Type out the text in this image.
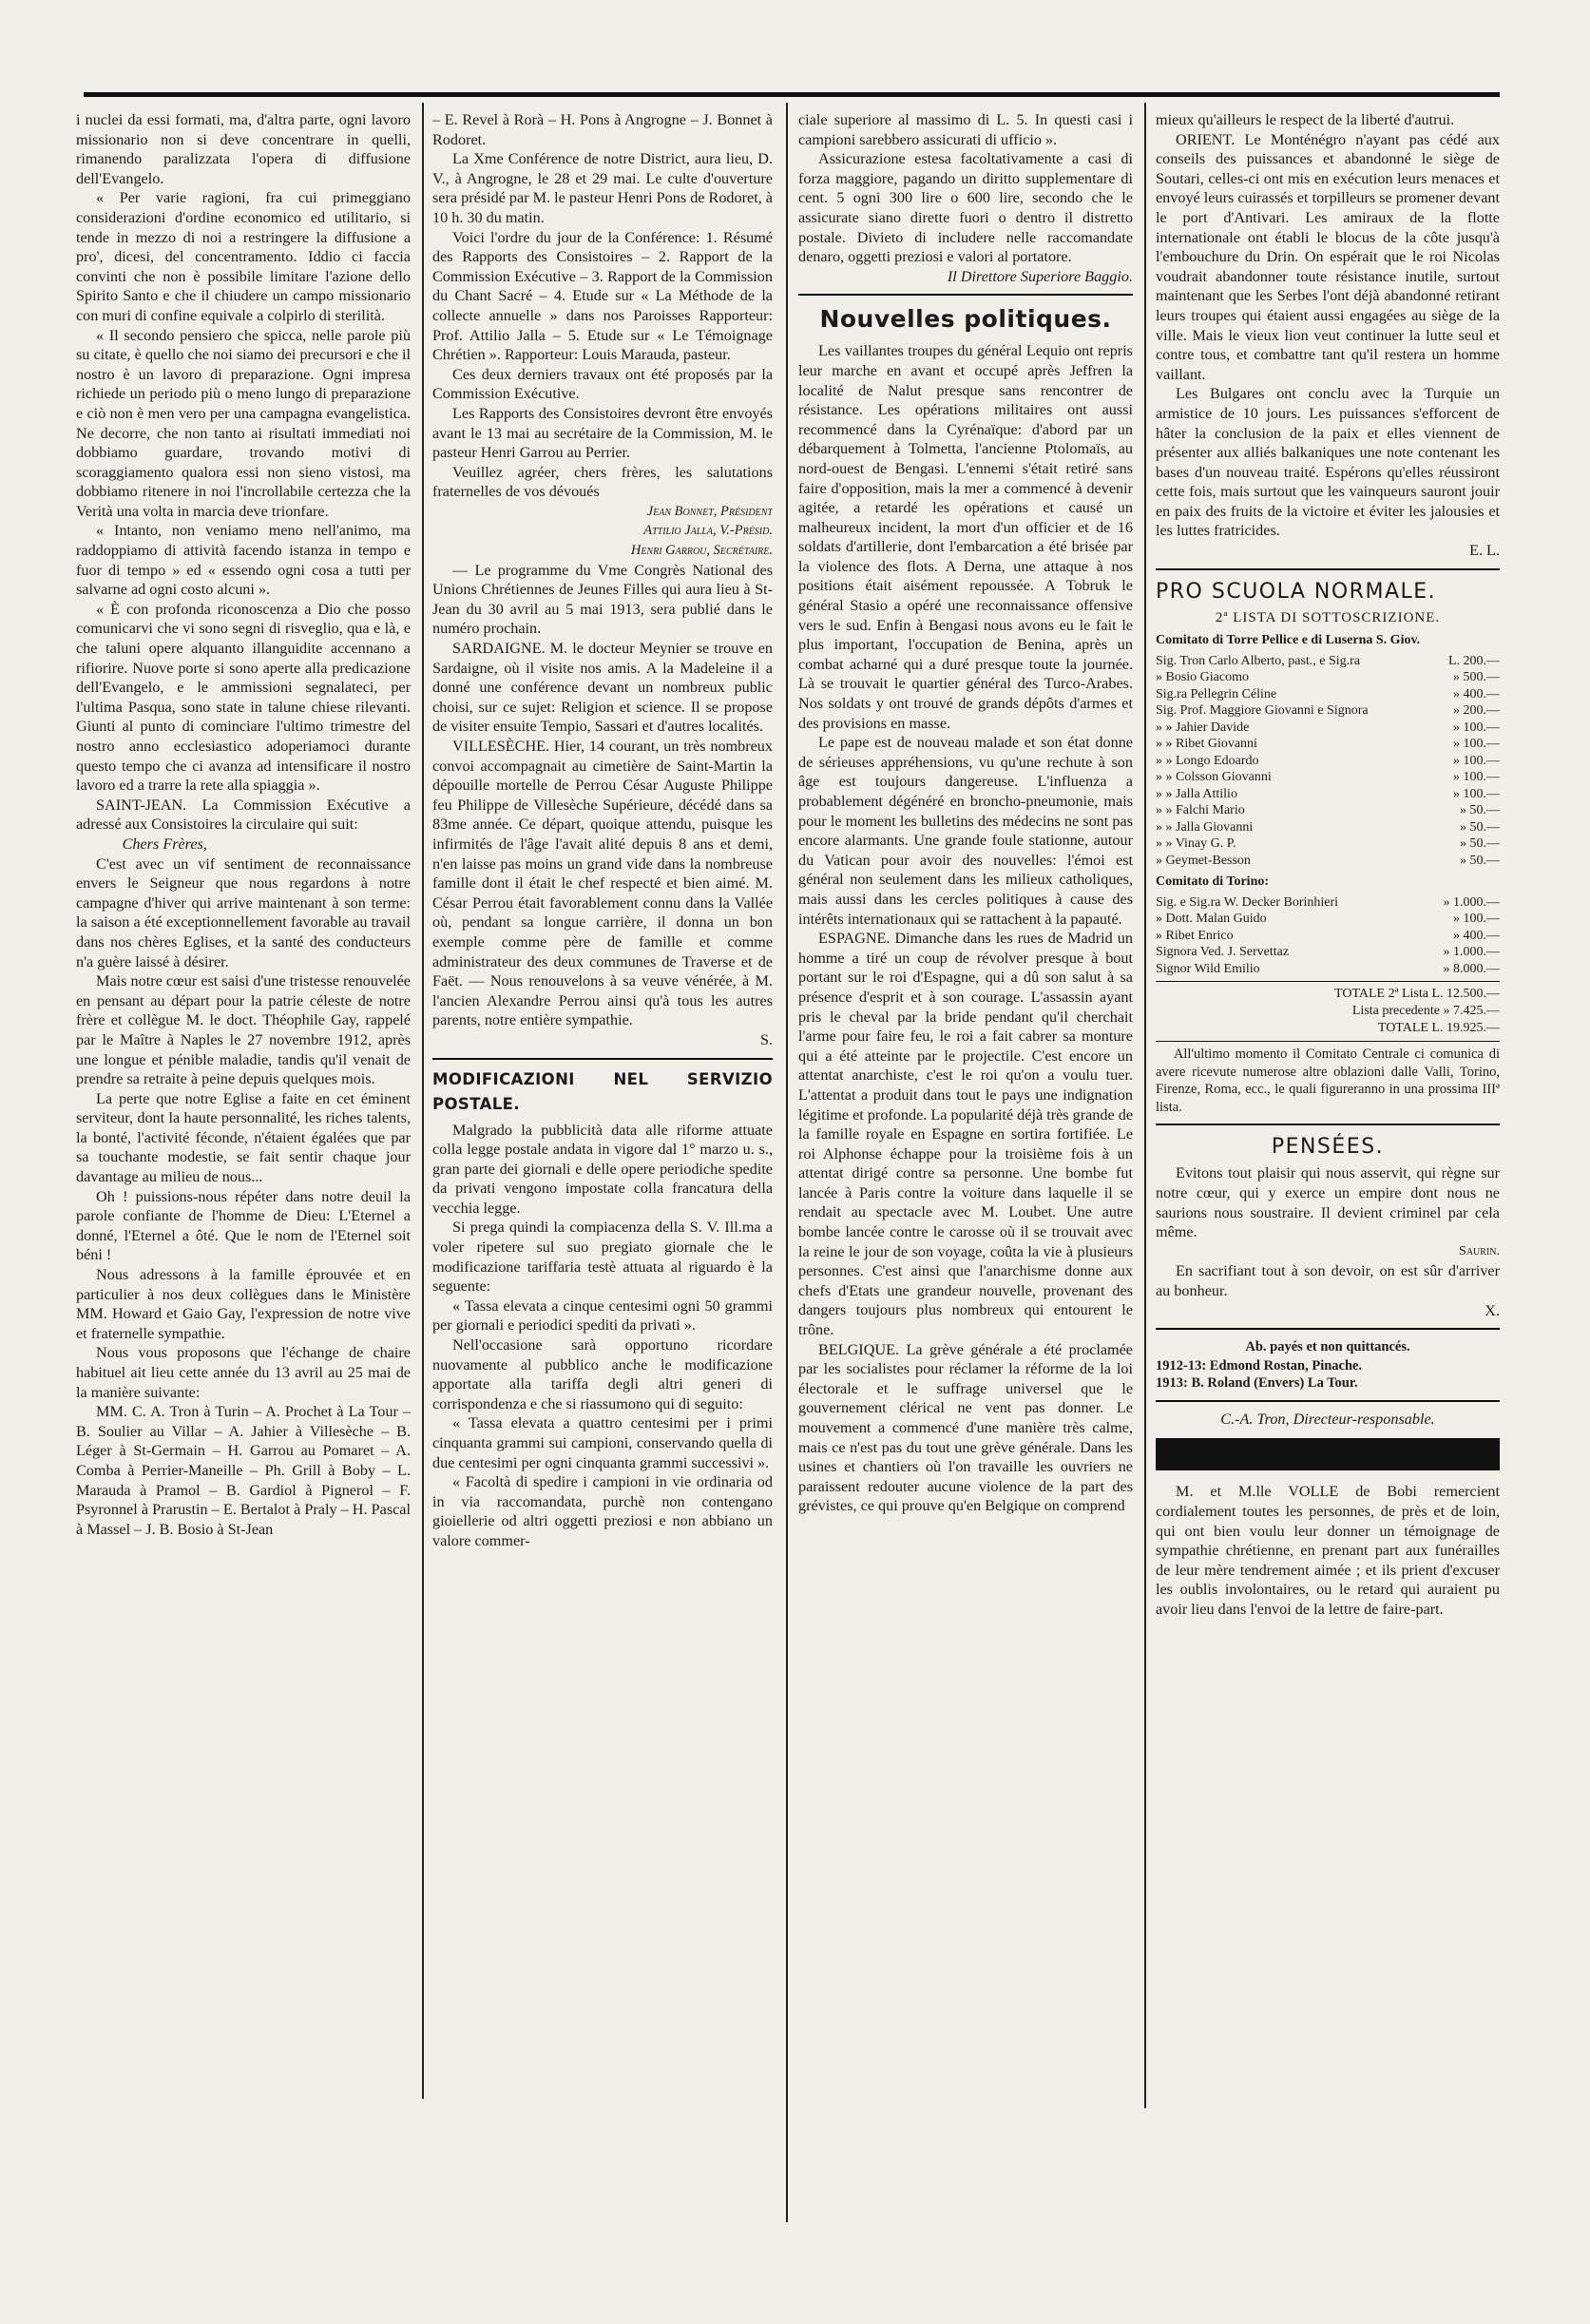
i nuclei da essi formati, ma, d'altra parte, ogni lavoro missionario non si deve concentrare in quelli, rimanendo paralizzata l'opera di diffusione dell'Evangelo.

« Per varie ragioni, fra cui primeggiano considerazioni d'ordine economico ed utilitario, si tende in mezzo di noi a restringere la diffusione a pro', dicesi, del concentramento. Iddio ci faccia convinti che non è possibile limitare l'azione dello Spirito Santo e che il chiudere un campo missionario con muri di confine equivale a colpirlo di sterilità.

« Il secondo pensiero che spicca, nelle parole più su citate, è quello che noi siamo dei precursori e che il nostro è un lavoro di preparazione. Ogni impresa richiede un periodo più o meno lungo di preparazione e ciò non è men vero per una campagna evangelistica. Ne decorre, che non tanto ai risultati immediati noi dobbiamo guardare, trovando motivi di scoraggiamento qualora essi non sieno vistosi, ma dobbiamo ritenere in noi l'incrollabile certezza che la Verità una volta in marcia deve trionfare.

« Intanto, non veniamo meno nell'animo, ma raddoppiamo di attività facendo istanza in tempo e fuor di tempo » ed « essendo ogni cosa a tutti per salvarne ad ogni costo alcuni ».

« È con profonda riconoscenza a Dio che posso comunicarvi che vi sono segni di risveglio, qua e là, e che taluni opere alquanto illanguidite accennano a rifiorire. Nuove porte si sono aperte alla predicazione dell'Evangelo, e le ammissioni segnalateci, per l'ultima Pasqua, sono state in talune chiese rilevanti. Giunti al punto di cominciare l'ultimo trimestre del nostro anno ecclesiastico adoperiamoci durante questo tempo che ci avanza ad intensificare il nostro lavoro ed a trarre la rete alla spiaggia ».

SAINT-JEAN. La Commission Exécutive a adressé aux Consistoires la circulaire qui suit:

Chers Frères,

C'est avec un vif sentiment de reconnaissance envers le Seigneur que nous regardons à notre campagne d'hiver qui arrive maintenant à son terme: la saison a été exceptionnellement favorable au travail dans nos chères Eglises, et la santé des conducteurs n'a guère laissé à désirer.

Mais notre cœur est saisi d'une tristesse renouvelée en pensant au départ pour la patrie céleste de notre frère et collègue M. le doct. Théophile Gay, rappelé par le Maître à Naples le 27 novembre 1912, après une longue et pénible maladie, tandis qu'il venait de prendre sa retraite à peine depuis quelques mois.

La perte que notre Eglise a faite en cet éminent serviteur, dont la haute personnalité, les riches talents, la bonté, l'activité féconde, n'étaient égalées que par sa touchante modestie, se fait sentir chaque jour davantage au milieu de nous...

Oh ! puissions-nous répéter dans notre deuil la parole confiante de l'homme de Dieu: L'Eternel a donné, l'Eternel a ôté. Que le nom de l'Eternel soit béni !

Nous adressons à la famille éprouvée et en particulier à nos deux collègues dans le Ministère MM. Howard et Gaio Gay, l'expression de notre vive et fraternelle sympathie.

Nous vous proposons que l'échange de chaire habituel ait lieu cette année du 13 avril au 25 mai de la manière suivante:

MM. C. A. Tron à Turin – A. Prochet à La Tour – B. Soulier au Villar – A. Jahier à Villesèche – B. Léger à St-Germain – H. Garrou au Pomaret – A. Comba à Perrier-Maneille – Ph. Grill à Boby – L. Marauda à Pramol – B. Gardiol à Pignerol – F. Psyronnel à Prarustin – E. Bertalot à Praly – H. Pascal à Massel – J. B. Bosio à St-Jean

– E. Revel à Rorà – H. Pons à Angrogne – J. Bonnet à Rodoret.

La Xme Conférence de notre District, aura lieu, D. V., à Angrogne, le 28 et 29 mai. Le culte d'ouverture sera présidé par M. le pasteur Henri Pons de Rodoret, à 10 h. 30 du matin.

Voici l'ordre du jour de la Conférence: 1. Résumé des Rapports des Consistoires – 2. Rapport de la Commission Exécutive – 3. Rapport de la Commission du Chant Sacré – 4. Etude sur « La Méthode de la collecte annuelle » dans nos Paroisses Rapporteur: Prof. Attilio Jalla – 5. Etude sur « Le Témoignage Chrétien ». Rapporteur: Louis Marauda, pasteur.

Ces deux derniers travaux ont été proposés par la Commission Exécutive.

Les Rapports des Consistoires devront être envoyés avant le 13 mai au secrétaire de la Commission, M. le pasteur Henri Garrou au Perrier.

Veuillez agréer, chers frères, les salutations fraternelles de vos dévoués

Jean Bonnet, Président

Attilio Jalla, V.-Présid.

Henri Garrou, Secrétaire.

— Le programme du Vme Congrès National des Unions Chrétiennes de Jeunes Filles qui aura lieu à St-Jean du 30 avril au 5 mai 1913, sera publié dans le numéro prochain.

SARDAIGNE. M. le docteur Meynier se trouve en Sardaigne, où il visite nos amis. A la Madeleine il a donné une conférence devant un nombreux public choisi, sur ce sujet: Religion et science. Il se propose de visiter ensuite Tempio, Sassari et d'autres localités.

VILLESÈCHE. Hier, 14 courant, un très nombreux convoi accompagnait au cimetière de Saint-Martin la dépouille mortelle de Perrou César Auguste Philippe feu Philippe de Villesèche Supérieure, décédé dans sa 83me année. Ce départ, quoique attendu, puisque les infirmités de l'âge l'avait alité depuis 8 ans et demi, n'en laisse pas moins un grand vide dans la nombreuse famille dont il était le chef respecté et bien aimé. M. César Perrou était favorablement connu dans la Vallée où, pendant sa longue carrière, il donna un bon exemple comme père de famille et comme administrateur des deux communes de Traverse et de Faët. — Nous renouvelons à sa veuve vénérée, à M. l'ancien Alexandre Perrou ainsi qu'à tous les autres parents, notre entière sympathie.

S.

MODIFICAZIONI NEL SERVIZIO POSTALE.

Malgrado la pubblicità data alle riforme attuate colla legge postale andata in vigore dal 1° marzo u. s., gran parte dei giornali e delle opere periodiche spedite da privati vengono impostate colla francatura della vecchia legge.

Si prega quindi la compiacenza della S. V. Ill.ma a voler ripetere sul suo pregiato giornale che le modificazione tariffaria testè attuata al riguardo è la seguente:

« Tassa elevata a cinque centesimi ogni 50 grammi per giornali e periodici spediti da privati ».

Nell'occasione sarà opportuno ricordare nuovamente al pubblico anche le modificazione apportate alla tariffa degli altri generi di corrispondenza e che si riassumono qui di seguito:

« Tassa elevata a quattro centesimi per i primi cinquanta grammi sui campioni, conservando quella di due centesimi per ogni cinquanta grammi successivi ».

« Facoltà di spedire i campioni in vie ordinaria od in via raccomandata, purchè non contengano gioiellerie od altri oggetti preziosi e non abbiano un valore commer-

ciale superiore al massimo di L. 5. In questi casi i campioni sarebbero assicurati di ufficio ».

Assicurazione estesa facoltativamente a casi di forza maggiore, pagando un diritto supplementare di cent. 5 ogni 300 lire o 600 lire, secondo che le assicurate siano dirette fuori o dentro il distretto postale. Divieto di includere nelle raccomandate denaro, oggetti preziosi e valori al portatore.

Il Direttore Superiore Baggio.

Nouvelles politiques.

Les vaillantes troupes du général Lequio ont repris leur marche en avant et occupé après Jeffren la localité de Nalut presque sans rencontrer de résistance. Les opérations militaires ont aussi recommencé dans la Cyrénaïque: d'abord par un débarquement à Tolmetta, l'ancienne Ptolomaïs, au nord-ouest de Bengasi. L'ennemi s'était retiré sans faire d'opposition, mais la mer a commencé à devenir agitée, a retardé les opérations et causé un malheureux incident, la mort d'un officier et de 16 soldats d'artillerie, dont l'embarcation a été brisée par la violence des flots. A Derna, une attaque à nos positions était aisément repoussée. A Tobruk le général Stasio a opéré une reconnaissance offensive vers le sud. Enfin à Bengasi nous avons eu le fait le plus important, l'occupation de Benina, après un combat acharné qui a duré presque toute la journée. Là se trouvait le quartier général des Turco-Arabes. Nos soldats y ont trouvé de grands dépôts d'armes et des provisions en masse.

Le pape est de nouveau malade et son état donne de sérieuses appréhensions, vu qu'une rechute à son âge est toujours dangereuse. L'influenza a probablement dégénéré en broncho-pneumonie, mais pour le moment les bulletins des médecins ne sont pas encore alarmants. Une grande foule stationne, autour du Vatican pour avoir des nouvelles: l'émoi est général non seulement dans les milieux catholiques, mais aussi dans les cercles politiques à cause des intérêts internationaux qui se rattachent à la papauté.

ESPAGNE. Dimanche dans les rues de Madrid un homme a tiré un coup de révolver presque à bout portant sur le roi d'Espagne, qui a dû son salut à sa présence d'esprit et à son courage. L'assassin ayant pris le cheval par la bride pendant qu'il cherchait l'arme pour faire feu, le roi a fait cabrer sa monture qui a été atteinte par le projectile. C'est encore un attentat anarchiste, c'est le roi qu'on a voulu tuer. L'attentat a produit dans tout le pays une indignation légitime et profonde. La popularité déjà très grande de la famille royale en Espagne en sortira fortifiée. Le roi Alphonse échappe pour la troisième fois à un attentat dirigé contre sa personne. Une bombe fut lancée à Paris contre la voiture dans laquelle il se rendait au spectacle avec M. Loubet. Une autre bombe lancée contre le carosse où il se trouvait avec la reine le jour de son voyage, coûta la vie à plusieurs personnes. C'est ainsi que l'anarchisme donne aux chefs d'Etats une grandeur nouvelle, provenant des dangers toujours plus nombreux qui entourent le trône.

BELGIQUE. La grève générale a été proclamée par les socialistes pour réclamer la réforme de la loi électorale et le suffrage universel que le gouvernement clérical ne vent pas donner. Le mouvement a commencé d'une manière très calme, mais ce n'est pas du tout une grève générale. Dans les usines et chantiers où l'on travaille les ouvriers ne paraissent redouter aucune violence de la part des grévistes, ce qui prouve qu'en Belgique on comprend

mieux qu'ailleurs le respect de la liberté d'autrui.

ORIENT. Le Monténégro n'ayant pas cédé aux conseils des puissances et abandonné le siège de Soutari, celles-ci ont mis en exécution leurs menaces et envoyé leurs cuirassés et torpilleurs se promener devant le port d'Antivari. Les amiraux de la flotte internationale ont établi le blocus de la côte jusqu'à l'embouchure du Drin. On espérait que le roi Nicolas voudrait abandonner toute résistance inutile, surtout maintenant que les Serbes l'ont déjà abandonné retirant leurs troupes qui étaient aussi engagées au siège de la ville. Mais le vieux lion veut continuer la lutte seul et contre tous, et combattre tant qu'il restera un homme vaillant.

Les Bulgares ont conclu avec la Turquie un armistice de 10 jours. Les puissances s'efforcent de hâter la conclusion de la paix et elles viennent de présenter aux alliés balkaniques une note contenant les bases d'un nouveau traité. Espérons qu'elles réussiront cette fois, mais surtout que les vainqueurs sauront jouir en paix des fruits de la victoire et éviter les jalousies et les luttes fratricides.

E. L.

PRO SCUOLA NORMALE.
2ª LISTA DI SOTTOSCRIZIONE.
Comitato di Torre Pellice e di Luserna S. Giov.
Sig. Tron Carlo Alberto, past., e Sig.ra	L. 200.—
» Bosio Giacomo	» 500.—
Sig.ra Pellegrin Céline	» 400.—
Sig. Prof. Maggiore Giovanni e Signora	» 200.—
» » Jahier Davide	» 100.—
» » Ribet Giovanni	» 100.—
» » Longo Edoardo	» 100.—
» » Colsson Giovanni	» 100.—
» » Jalla Attilio	» 100.—
» » Falchi Mario	» 50.—
» » Jalla Giovanni	» 50.—
» » Vinay G. P.	» 50.—
» Geymet-Besson	» 50.—
Comitato di Torino:
Sig. e Sig.ra W. Decker Borinhieri	» 1.000.—
» Dott. Malan Guido	» 100.—
» Ribet Enrico	» 400.—
Signora Ved. J. Servettaz	» 1.000.—
Signor Wild Emilio	» 8.000.—
TOTALE 2ª Lista L. 12.500.—
Lista precedente » 7.425.—
TOTALE L. 19.925.—

All'ultimo momento il Comitato Centrale ci comunica di avere ricevute numerose altre oblazioni dalle Valli, Torino, Firenze, Roma, ecc., le quali figureranno in una prossima IIIª lista.

PENSÉES.

Evitons tout plaisir qui nous asservit, qui règne sur notre cœur, qui y exerce un empire dont nous ne saurions nous soustraire. Il devient criminel par cela même.

Saurin.

En sacrifiant tout à son devoir, on est sûr d'arriver au bonheur.

X.

Ab. payés et non quittancés.

1912-13: Edmond Rostan, Pinache.

1913: B. Roland (Envers) La Tour.

C.-A. Tron, Directeur-responsable.

M. et M.lle VOLLE de Bobi remercient cordialement toutes les personnes, de près et de loin, qui ont bien voulu leur donner un témoignage de sympathie chrétienne, en prenant part aux funérailles de leur mère tendrement aimée ; et ils prient d'excuser les oublis involontaires, ou le retard qui auraient pu avoir lieu dans l'envoi de la lettre de faire-part.
